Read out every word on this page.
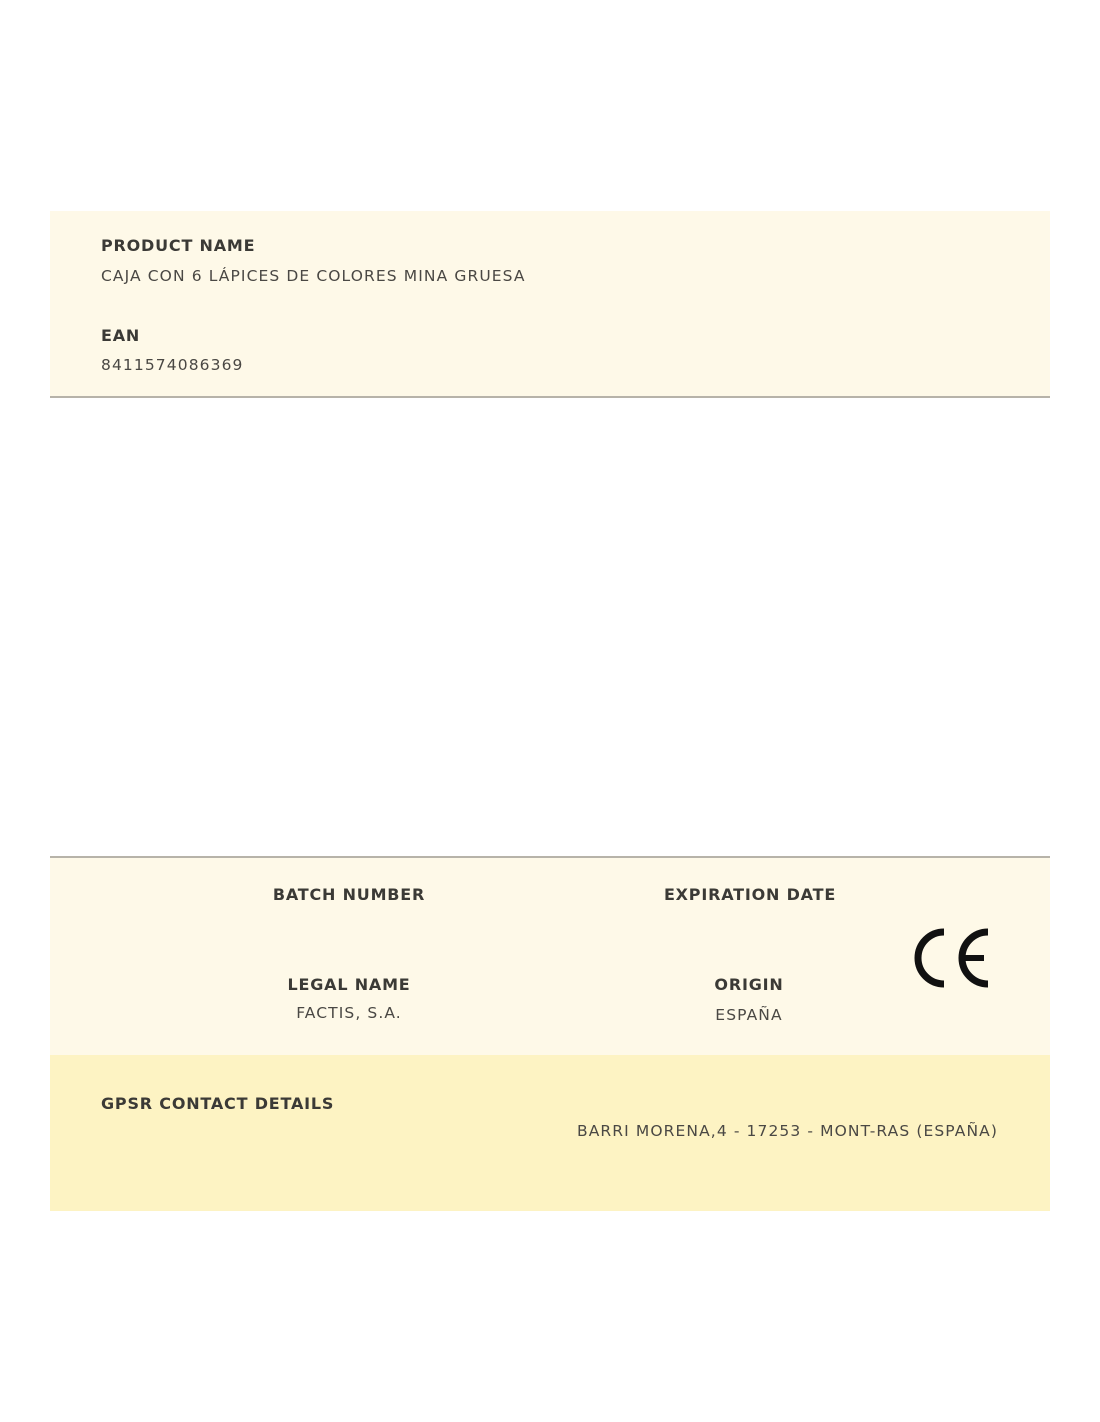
PRODUCT NAME
CAJA CON 6 LÁPICES DE COLORES MINA GRUESA
EAN
8411574086369
BATCH NUMBER	EXPIRATION DATE
LEGAL NAME
FACTIS, S.A.
ORIGIN
ESPAÑA
GPSR CONTACT DETAILS
BARRI MORENA,4 - 17253 - MONT-RAS (ESPAÑA)
